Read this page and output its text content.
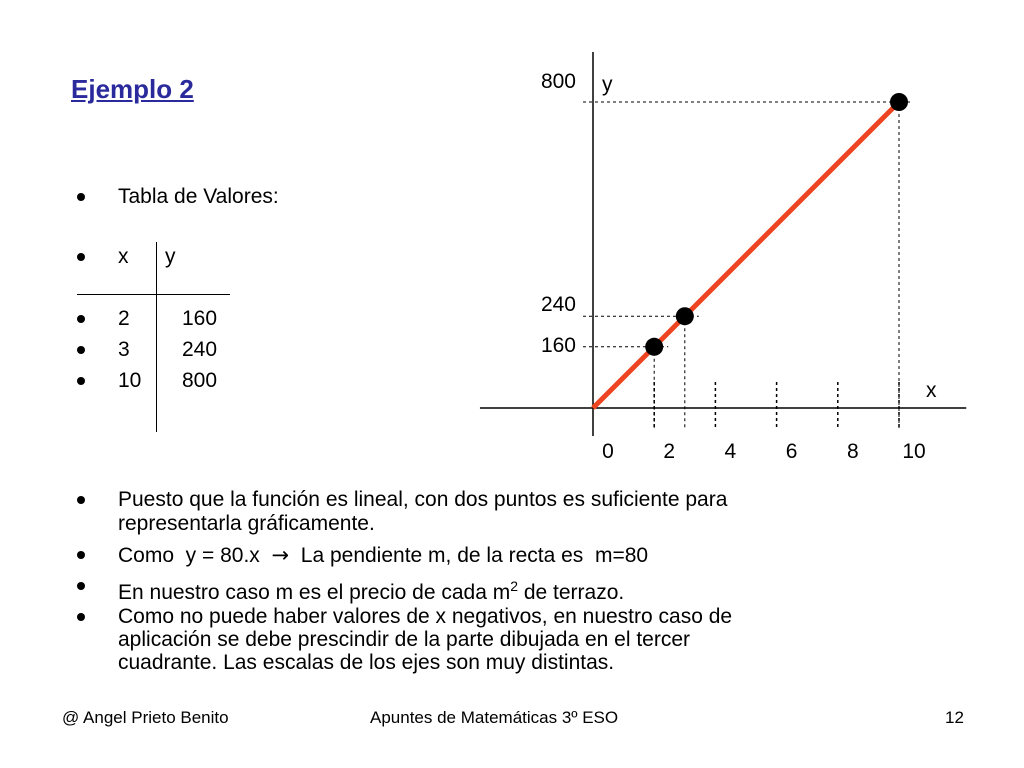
Ejemplo 2
Tabla de Valores:
x y
2 160
3 240
10 800
0 2 4 6 8 10
160
240
800
x
y
Puesto que la función es lineal, con dos puntos es suficiente para
representarla gráficamente.
Como  y = 80.x  →  La pendiente m, de la recta es  m=80
En nuestro caso m es el precio de cada $m^2$ de terrazo.
Como no puede haber valores de x negativos, en nuestro caso de
aplicación se debe prescindir de la parte dibujada en el tercer
cuadrante. Las escalas de los ejes son muy distintas.
@ Angel Prieto Benito	Apuntes de Matemáticas 3º ESO	12
